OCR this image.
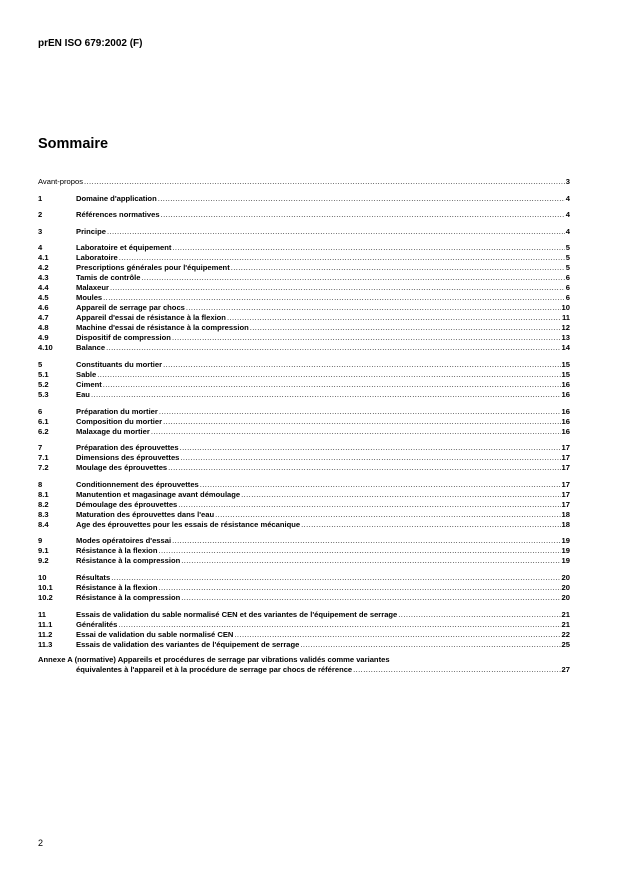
prEN ISO 679:2002 (F)
Sommaire
Avant-propos .....	3
1	Domaine d'application .....	4
2	Références normatives .....	4
3	Principe .....	4
4	Laboratoire et équipement .....	5
4.1	Laboratoire .....	5
4.2	Prescriptions générales pour l'équipement .....	5
4.3	Tamis de contrôle .....	6
4.4	Malaxeur .....	6
4.5	Moules .....	6
4.6	Appareil de serrage par chocs .....	10
4.7	Appareil d'essai de résistance à la flexion .....	11
4.8	Machine d'essai de résistance à la compression .....	12
4.9	Dispositif de compression .....	13
4.10	Balance .....	14
5	Constituants du mortier .....	15
5.1	Sable .....	15
5.2	Ciment .....	16
5.3	Eau .....	16
6	Préparation du mortier .....	16
6.1	Composition du mortier .....	16
6.2	Malaxage du mortier .....	16
7	Préparation des éprouvettes .....	17
7.1	Dimensions des éprouvettes .....	17
7.2	Moulage des éprouvettes .....	17
8	Conditionnement des éprouvettes .....	17
8.1	Manutention et magasinage avant démoulage .....	17
8.2	Démoulage des éprouvettes .....	17
8.3	Maturation des éprouvettes dans l'eau .....	18
8.4	Age des éprouvettes pour les essais de résistance mécanique .....	18
9	Modes opératoires d'essai .....	19
9.1	Résistance à la flexion .....	19
9.2	Résistance à la compression .....	19
10	Résultats .....	20
10.1	Résistance à la flexion .....	20
10.2	Résistance à la compression .....	20
11	Essais de validation du sable normalisé CEN et des variantes de l'équipement de serrage .....	21
11.1	Généralités .....	21
11.2	Essai de validation du sable normalisé CEN .....	22
11.3	Essais de validation des variantes de l'équipement de serrage .....	25
Annexe A (normative) Appareils et procédures de serrage par vibrations validés comme variantes
équivalentes à l'appareil et à la procédure de serrage par chocs de référence .....	27
2
